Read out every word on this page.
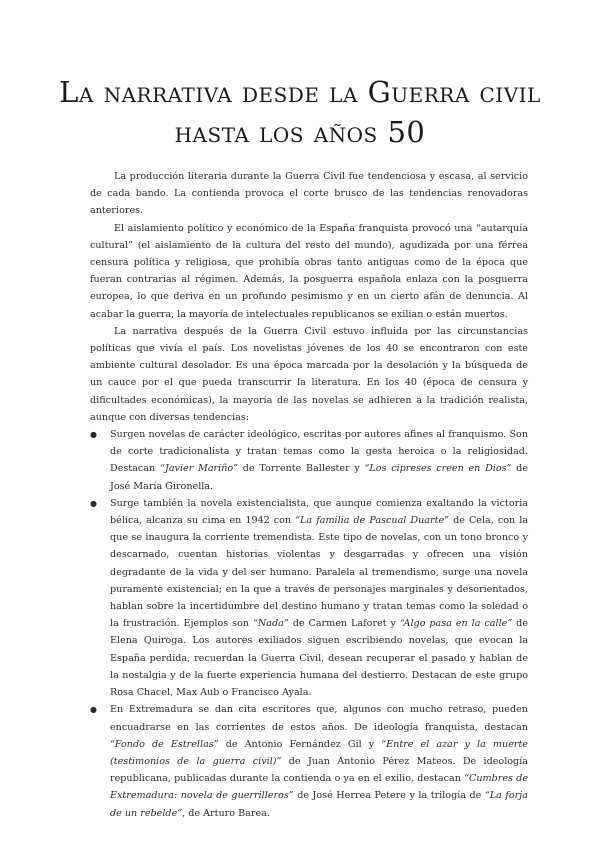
La narrativa desde la Guerra civil hasta los años 50

La producción literaria durante la Guerra Civil fue tendenciosa y escasa, al servicio de cada bando. La contienda provoca el corte brusco de las tendencias renovadoras anteriores.

El aislamiento político y económico de la España franquista provocó una “autarquía cultural” (el aislamiento de la cultura del resto del mundo), agudizada por una férrea censura política y religiosa, que prohibía obras tanto antiguas como de la época que fueran contrarias al régimen. Además, la posguerra española enlaza con la posguerra europea, lo que deriva en un profundo pesimismo y en un cierto afán de denuncia. Al acabar la guerra, la mayoría de intelectuales republicanos se exilian o están muertos.

La narrativa después de la Guerra Civil estuvo influida por las circunstancias políticas que vivía el país. Los novelistas jóvenes de los 40 se encontraron con este ambiente cultural desolador. Es una época marcada por la desolación y la búsqueda de un cauce por el que pueda transcurrir la literatura. En los 40 (época de censura y dificultades económicas), la mayoría de las novelas se adhieren a la tradición realista, aunque con diversas tendencias:

● Surgen novelas de carácter ideológico, escritas por autores afines al franquismo. Son de corte tradicionalista y tratan temas como la gesta heroica o la religiosidad. Destacan “Javier Mariño” de Torrente Ballester y “Los cipreses creen en Dios” de José María Gironella.
● Surge también la novela existencialista, que aunque comienza exaltando la victoria bélica, alcanza su cima en 1942 con “La familia de Pascual Duarte” de Cela, con la que se inaugura la corriente tremendista. Este tipo de novelas, con un tono bronco y descarnado, cuentan historias violentas y desgarradas y ofrecen una visión degradante de la vida y del ser humano. Paralela al tremendismo, surge una novela puramente existencial; en la que a través de personajes marginales y desorientados, hablan sobre la incertidumbre del destino humano y tratan temas como la soledad o la frustración. Ejemplos son “Nada” de Carmen Laforet y “Algo pasa en la calle” de Elena Quiroga. Los autores exiliados siguen escribiendo novelas, que evocan la España perdida, recuerdan la Guerra Civil, desean recuperar el pasado y hablan de la nostalgia y de la fuerte experiencia humana del destierro. Destacan de este grupo Rosa Chacel, Max Aub o Francisco Ayala.
● En Extremadura se dan cita escritores que, algunos con mucho retraso, pueden encuadrarse en las corrientes de estos años. De ideología franquista, destacan “Fondo de Estrellas” de Antonio Fernández Gil y “Entre el azar y la muerte (testimonios de la guerra civil)” de Juan Antonio Pérez Mateos. De ideología republicana, publicadas durante la contienda o ya en el exilio, destacan “Cumbres de Extremadura: novela de guerrilleros” de José Herrea Petere y la trilogía de “La forja de un rebelde”, de Arturo Barea.
